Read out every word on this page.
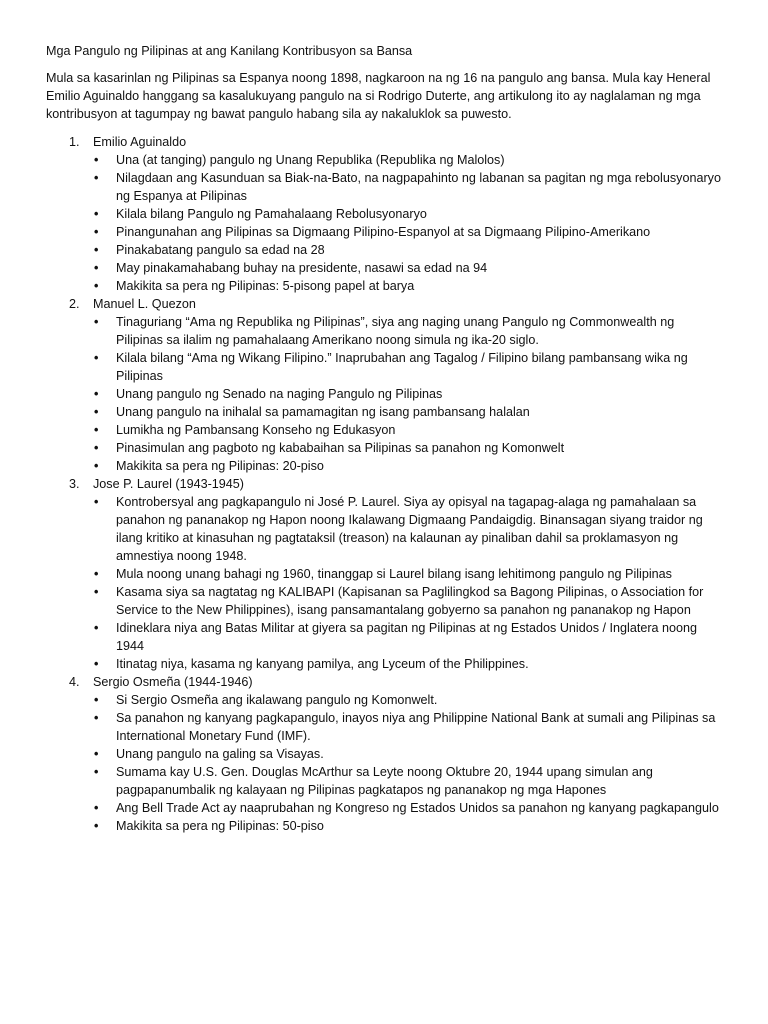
Mga Pangulo ng Pilipinas at ang Kanilang Kontribusyon sa Bansa

Mula sa kasarinlan ng Pilipinas sa Espanya noong 1898, nagkaroon na ng 16 na pangulo ang bansa. Mula kay Heneral Emilio Aguinaldo hanggang sa kasalukuyang pangulo na si Rodrigo Duterte, ang artikulong ito ay naglalaman ng mga kontribusyon at tagumpay ng bawat pangulo habang sila ay nakaluklok sa puwesto.

Emilio Aguinaldo
• Una (at tanging) pangulo ng Unang Republika (Republika ng Malolos)
• Nilagdaan ang Kasunduan sa Biak-na-Bato, na nagpapahinto ng labanan sa pagitan ng mga rebolusyonaryo ng Espanya at Pilipinas
• Kilala bilang Pangulo ng Pamahalaang Rebolusyonaryo
• Pinangunahan ang Pilipinas sa Digmaang Pilipino-Espanyol at sa Digmaang Pilipino-Amerikano
• Pinakabatang pangulo sa edad na 28
• May pinakamahabang buhay na presidente, nasawi sa edad na 94
• Makikita sa pera ng Pilipinas: 5-pisong papel at barya
Manuel L. Quezon
• Tinaguriang “Ama ng Republika ng Pilipinas”, siya ang naging unang Pangulo ng Commonwealth ng Pilipinas sa ilalim ng pamahalaang Amerikano noong simula ng ika-20 siglo.
• Kilala bilang “Ama ng Wikang Filipino.” Inaprubahan ang Tagalog / Filipino bilang pambansang wika ng Pilipinas
• Unang pangulo ng Senado na naging Pangulo ng Pilipinas
• Unang pangulo na inihalal sa pamamagitan ng isang pambansang halalan
• Lumikha ng Pambansang Konseho ng Edukasyon
• Pinasimulan ang pagboto ng kababaihan sa Pilipinas sa panahon ng Komonwelt
• Makikita sa pera ng Pilipinas: 20-piso
Jose P. Laurel (1943-1945)
• Kontrobersyal ang pagkapangulo ni José P. Laurel. Siya ay opisyal na tagapag-alaga ng pamahalaan sa panahon ng pananakop ng Hapon noong Ikalawang Digmaang Pandaigdig. Binansagan siyang traidor ng ilang kritiko at kinasuhan ng pagtataksil (treason) na kalaunan ay pinaliban dahil sa proklamasyon ng amnestiya noong 1948.
• Mula noong unang bahagi ng 1960, tinanggap si Laurel bilang isang lehitimong pangulo ng Pilipinas
• Kasama siya sa nagtatag ng KALIBAPI (Kapisanan sa Paglilingkod sa Bagong Pilipinas, o Association for Service to the New Philippines), isang pansamantalang gobyerno sa panahon ng pananakop ng Hapon
• Idineklara niya ang Batas Militar at giyera sa pagitan ng Pilipinas at ng Estados Unidos / Inglatera noong 1944
• Itinatag niya, kasama ng kanyang pamilya, ang Lyceum of the Philippines.
Sergio Osmeña (1944-1946)
• Si Sergio Osmeña ang ikalawang pangulo ng Komonwelt.
• Sa panahon ng kanyang pagkapangulo, inayos niya ang Philippine National Bank at sumali ang Pilipinas sa International Monetary Fund (IMF).
• Unang pangulo na galing sa Visayas.
• Sumama kay U.S. Gen. Douglas McArthur sa Leyte noong Oktubre 20, 1944 upang simulan ang pagpapanumbalik ng kalayaan ng Pilipinas pagkatapos ng pananakop ng mga Hapones
• Ang Bell Trade Act ay naaprubahan ng Kongreso ng Estados Unidos sa panahon ng kanyang pagkapangulo
• Makikita sa pera ng Pilipinas: 50-piso
